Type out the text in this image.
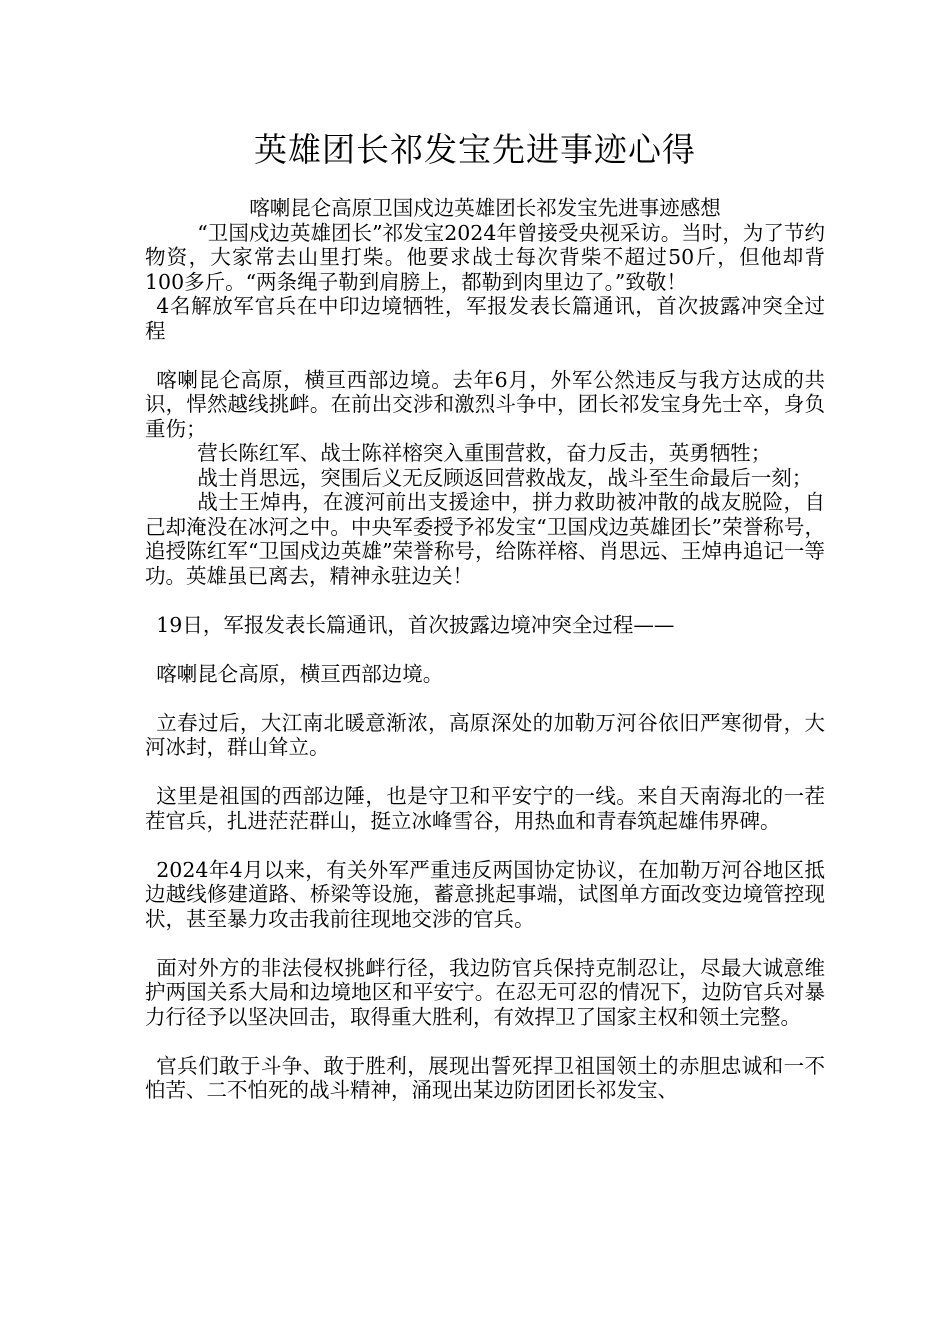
英雄团长祁发宝先进事迹心得

喀喇昆仑高原卫国戍边英雄团长祁发宝先进事迹感想

“卫国戍边英雄团长”祁发宝2024年曾接受央视采访。当时，为了节约物资，大家常去山里打柴。他要求战士每次背柴不超过50斤，但他却背100多斤。“两条绳子勒到肩膀上，都勒到肉里边了。”致敬！

4名解放军官兵在中印边境牺牲，军报发表长篇通讯，首次披露冲突全过程

喀喇昆仑高原，横亘西部边境。去年6月，外军公然违反与我方达成的共识，悍然越线挑衅。在前出交涉和激烈斗争中，团长祁发宝身先士卒，身负重伤；

营长陈红军、战士陈祥榕突入重围营救，奋力反击，英勇牺牲；

战士肖思远，突围后义无反顾返回营救战友，战斗至生命最后一刻；

战士王焯冉，在渡河前出支援途中，拼力救助被冲散的战友脱险，自己却淹没在冰河之中。中央军委授予祁发宝“卫国戍边英雄团长”荣誉称号，追授陈红军“卫国戍边英雄”荣誉称号，给陈祥榕、肖思远、王焯冉追记一等功。英雄虽已离去，精神永驻边关！

19日，军报发表长篇通讯，首次披露边境冲突全过程——

喀喇昆仑高原，横亘西部边境。

立春过后，大江南北暖意渐浓，高原深处的加勒万河谷依旧严寒彻骨，大河冰封，群山耸立。

这里是祖国的西部边陲，也是守卫和平安宁的一线。来自天南海北的一茬茬官兵，扎进茫茫群山，挺立冰峰雪谷，用热血和青春筑起雄伟界碑。

2024年4月以来，有关外军严重违反两国协定协议，在加勒万河谷地区抵边越线修建道路、桥梁等设施，蓄意挑起事端，试图单方面改变边境管控现状，甚至暴力攻击我前往现地交涉的官兵。

面对外方的非法侵权挑衅行径，我边防官兵保持克制忍让，尽最大诚意维护两国关系大局和边境地区和平安宁。在忍无可忍的情况下，边防官兵对暴力行径予以坚决回击，取得重大胜利，有效捍卫了国家主权和领土完整。

官兵们敢于斗争、敢于胜利，展现出誓死捍卫祖国领土的赤胆忠诚和一不怕苦、二不怕死的战斗精神，涌现出某边防团团长祁发宝、
